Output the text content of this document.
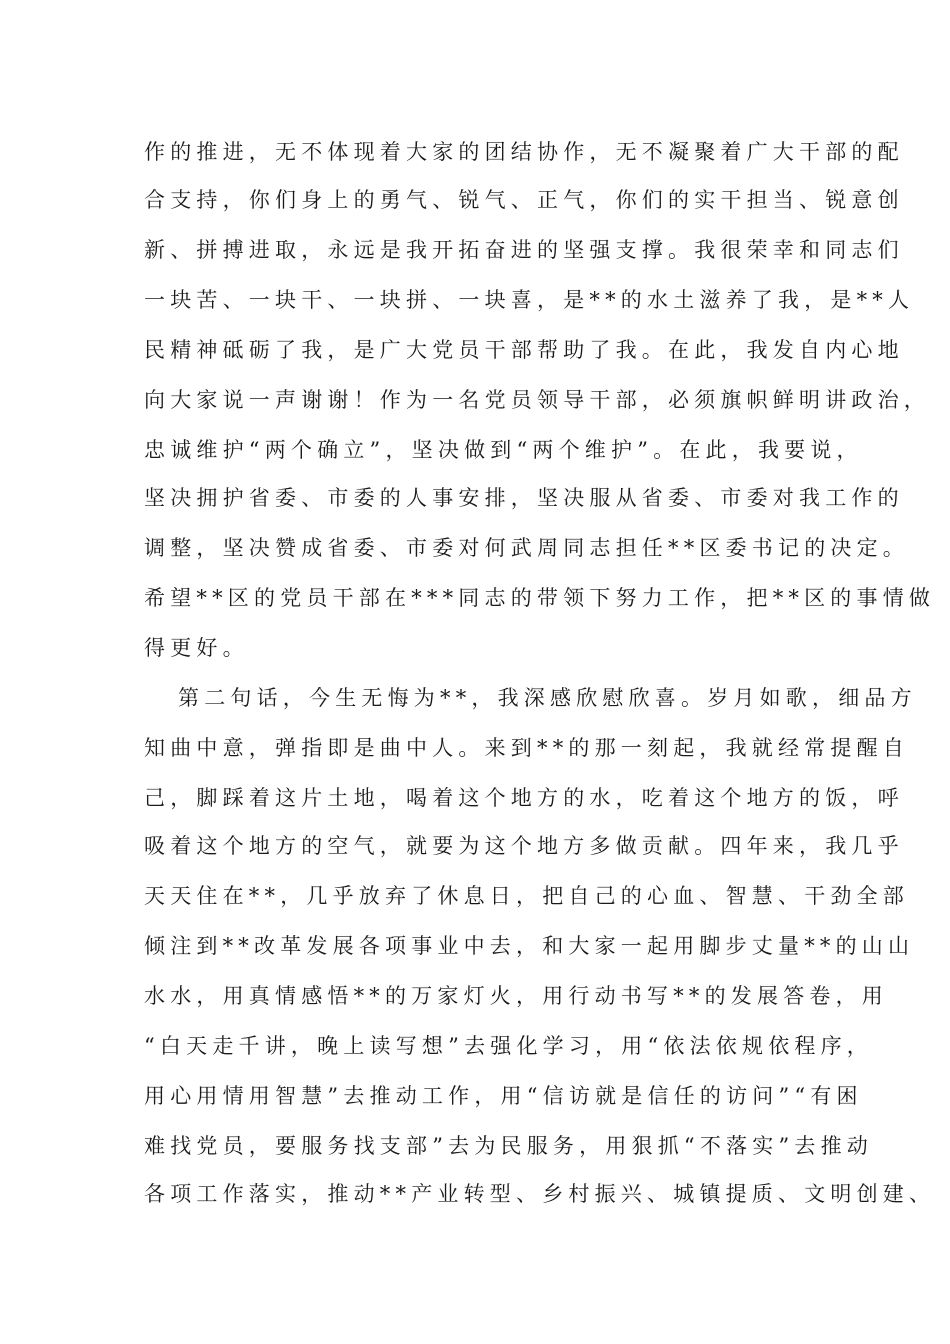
作的推进，无不体现着大家的团结协作，无不凝聚着广大干部的配
合支持，你们身上的勇气、锐气、正气，你们的实干担当、锐意创
新、拼搏进取，永远是我开拓奋进的坚强支撑。我很荣幸和同志们
一块苦、一块干、一块拼、一块喜，是**的水土滋养了我，是**人
民精神砥砺了我，是广大党员干部帮助了我。在此，我发自内心地
向大家说一声谢谢！作为一名党员领导干部，必须旗帜鲜明讲政治，
忠诚维护“两个确立”，坚决做到“两个维护”。在此，我要说，
坚决拥护省委、市委的人事安排，坚决服从省委、市委对我工作的
调整，坚决赞成省委、市委对何武周同志担任**区委书记的决定。
希望**区的党员干部在***同志的带领下努力工作，把**区的事情做
得更好。
第二句话，今生无悔为**，我深感欣慰欣喜。岁月如歌，细品方
知曲中意，弹指即是曲中人。来到**的那一刻起，我就经常提醒自
己，脚踩着这片土地，喝着这个地方的水，吃着这个地方的饭，呼
吸着这个地方的空气，就要为这个地方多做贡献。四年来，我几乎
天天住在**，几乎放弃了休息日，把自己的心血、智慧、干劲全部
倾注到**改革发展各项事业中去，和大家一起用脚步丈量**的山山
水水，用真情感悟**的万家灯火，用行动书写**的发展答卷，用
“白天走千讲，晚上读写想”去强化学习，用“依法依规依程序，
用心用情用智慧”去推动工作，用“信访就是信任的访问”“有困
难找党员，要服务找支部”去为民服务，用狠抓“不落实”去推动
各项工作落实，推动**产业转型、乡村振兴、城镇提质、文明创建、
